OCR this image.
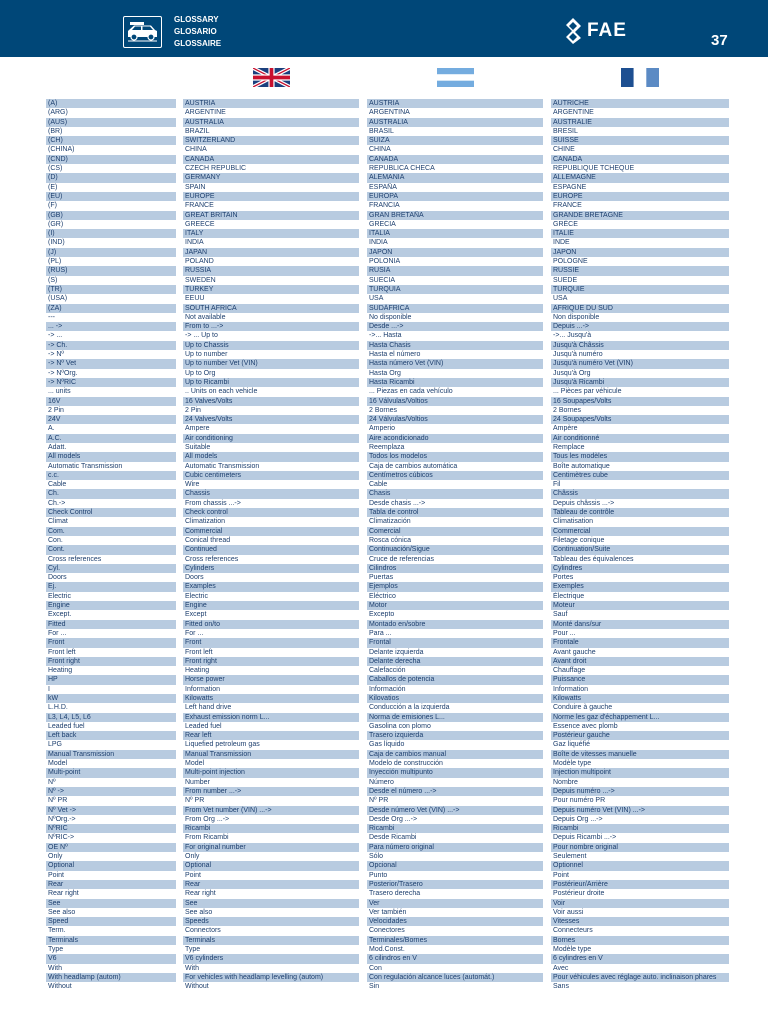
GLOSSARY
GLOSARIO
GLOSSAIRE
FAE	37
(A)
(ARG)
(AUS)
(BR)
(CH)
(CHINA)
(CND)
(CS)
(D)
(E)
(EU)
(F)
(GB)
(GR)
(I)
(IND)
(J)
(PL)
(RUS)
(S)
(TR)
(USA)
(ZA)
---
... ->
-> ...
-> Ch.
-> Nº
-> Nº Vet
-> NºOrg.
-> NºRIC
... units
16V
2 Pin
24V
A.
A.C.
Adatt.
All models
Automatic Transmission
c.c.
Cable
Ch.
Ch.->
Check Control
Climat
Com.
Con.
Cont.
Cross references
Cyl.
Doors
Ej.
Electric
Engine
Except.
Fitted
For ...
Front
Front left
Front right
Heating
HP
I
kW
L.H.D.
L3, L4, L5, L6
Leaded fuel
Left back
LPG
Manual Transmission
Model
Multi-point
Nº
Nº ->
Nº PR
Nº Vet ->
NºOrg.->
NºRIC
NºRIC->
OE Nº
Only
Optional
Point
Rear
Rear right
See
See also
Speed
Term.
Terminals
Type
V6
With
With headlamp (autom)
Without
AUSTRIA
ARGENTINE
AUSTRALIA
BRAZIL
SWITZERLAND
CHINA
CANADA
CZECH REPUBLIC
GERMANY
SPAIN
EUROPE
FRANCE
GREAT BRITAIN
GREECE
ITALY
INDIA
JAPAN
POLAND
RUSSIA
SWEDEN
TURKEY
EEUU
SOUTH AFRICA
Not available
From to ...->
-> ... Up to
Up to Chassis
Up to number
Up to number Vet (VIN)
Up to Org
Up to Ricambi
.. Units on each vehicle
16 Valves/Volts
2 Pin
24 Valves/Volts
Ampere
Air conditioning
Suitable
All models
Automatic Transmission
Cubic centimeters
Wire
Chassis
From chassis ...->
Check control
Climatization
Commercial
Conical thread
Continued
Cross references
Cylinders
Doors
Examples
Electric
Engine
Except
Fitted on/to
For ...
Front
Front left
Front right
Heating
Horse power
Information
Kilowatts
Left hand drive
Exhaust emission norm L...
Leaded fuel
Rear left
Liquefied petroleum gas
Manual Transmission
Model
Multi-point injection
Number
From number ...->
Nº PR
From Vet number (VIN) ...->
From Org ...->
Ricambi
From Ricambi
For original number
Only
Optional
Point
Rear
Rear right
See
See also
Speeds
Connectors
Terminals
Type
V6 cylinders
With
For vehicles with headlamp levelling (autom)
Without
AUSTRIA
ARGENTINA
AUSTRALIA
BRASIL
SUIZA
CHINA
CANADA
REPUBLICA CHECA
ALEMANIA
ESPAÑA
EUROPA
FRANCIA
GRAN BRETAÑA
GRECIA
ITALIA
INDIA
JAPÓN
POLONIA
RUSIA
SUECIA
TURQUIA
USA
SUDÁFRICA
No disponible
Desde ...->
->... Hasta
Hasta Chasis
Hasta el número
Hasta número Vet (VIN)
Hasta Org
Hasta Ricambi
... Piezas en cada vehículo
16 Válvulas/Voltios
2 Bornes
24 Válvulas/Voltios
Amperio
Aire acondicionado
Reemplaza
Todos los modelos
Caja de cambios automática
Centímetros cúbicos
Cable
Chasis
Desde chasis ...->
Tabla de control
Climatización
Comercial
Rosca cónica
Continuación/Sigue
Cruce de referencias
Cilindros
Puertas
Ejemplos
Eléctrico
Motor
Excepto
Montado en/sobre
Para ...
Frontal
Delante izquierda
Delante derecha
Calefacción
Caballos de potencia
Información
Kilovatios
Conducción a la izquierda
Norma de emisiones L...
Gasolina con plomo
Trasero izquierda
Gas líquido
Caja de cambios manual
Modelo de construcción
Inyección multipunto
Número
Desde el número ...->
Nº PR
Desde número Vet (VIN) ...->
Desde Org ...->
Ricambi
Desde Ricambi
Para número original
Sólo
Opcional
Punto
Posterior/Trasero
Trasero derecha
Ver
Ver también
Velocidades
Conectores
Terminales/Bornes
Mod.Const.
6 cilindros en V
Con
Con regulación alcance luces (automát.)
Sin
AUTRICHE
ARGENTINE
AUSTRALIE
BRESIL
SUISSE
CHINE
CANADA
REPUBLIQUE TCHEQUE
ALLEMAGNE
ESPAGNE
EUROPE
FRANCE
GRANDE BRETAGNE
GRÈCE
ITALIE
INDE
JAPON
POLOGNE
RUSSIE
SUEDE
TURQUIE
USA
AFRIQUE DU SUD
Non disponible
Depuis ...->
->... Jusqu'à
Jusqu'à Châssis
Jusqu'à numéro
Jusqu'à numéro Vet (VIN)
Jusqu'à Org
Jusqu'à Ricambi
... Pièces par véhicule
16 Soupapes/Volts
2 Bornes
24 Soupapes/Volts
Ampère
Air conditionné
Remplace
Tous les modèles
Boîte automatique
Centimètres cube
Fil
Châssis
Depuis châssis ...->
Tableau de contrôle
Climatisation
Commercial
Filetage conique
Continuation/Suite
Tableau des équivalences
Cylindres
Portes
Exemples
Électrique
Moteur
Sauf
Monté dans/sur
Pour ...
Frontale
Avant gauche
Avant droit
Chauffage
Puissance
Information
Kilowatts
Conduire à gauche
Norme les gaz d'échappement L...
Essence avec plomb
Postérieur gauche
Gaz liquéfié
Boîte de vitesses manuelle
Modèle type
Injection multipoint
Nombre
Depuis numéro ...->
Pour numéro PR
Depuis numéro Vet (VIN) ...->
Depuis Org ...->
Ricambi
Depuis Ricambi ...->
Pour nombre original
Seulement
Optionnel
Point
Postérieur/Arrière
Postérieur droite
Voir
Voir aussi
Vitesses
Connecteurs
Bornes
Modèle type
6 cylindres en V
Avec
Pour véhicules avec réglage auto. inclinaison phares
Sans
